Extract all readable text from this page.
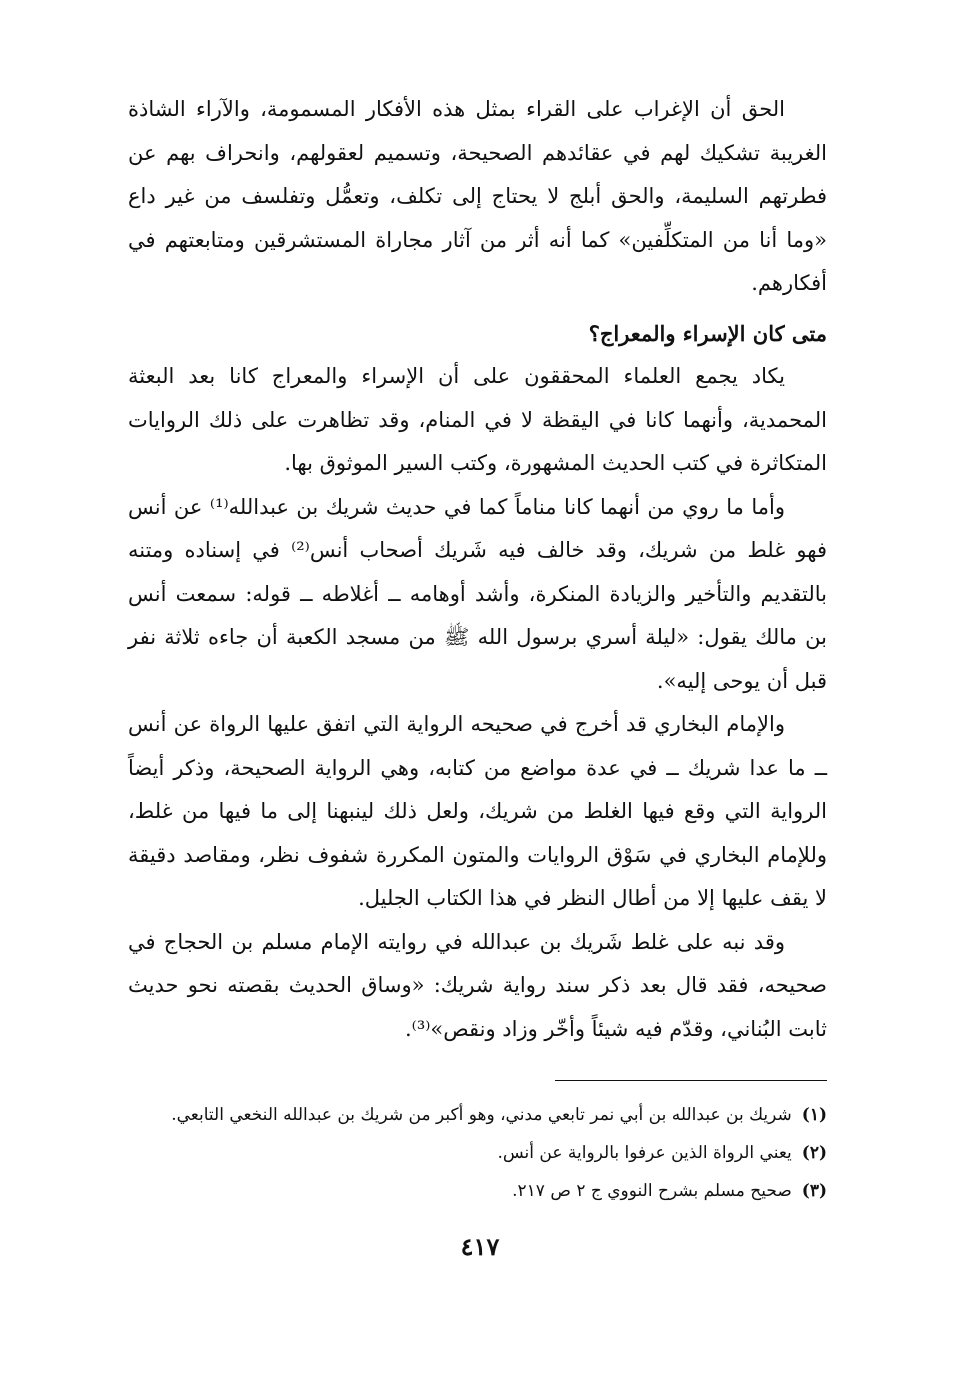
الحق أن الإغراب على القراء بمثل هذه الأفكار المسمومة، والآراء الشاذة الغريبة تشكيك لهم في عقائدهم الصحيحة، وتسميم لعقولهم، وانحراف بهم عن فطرتهم السليمة، والحق أبلج لا يحتاج إلى تكلف، وتعمُّل وتفلسف من غير داع «وما أنا من المتكلِّفين» كما أنه أثر من آثار مجاراة المستشرقين ومتابعتهم في أفكارهم.

متى كان الإسراء والمعراج؟

يكاد يجمع العلماء المحققون على أن الإسراء والمعراج كانا بعد البعثة المحمدية، وأنهما كانا في اليقظة لا في المنام، وقد تظاهرت على ذلك الروايات المتكاثرة في كتب الحديث المشهورة، وكتب السير الموثوق بها.

وأما ما روي من أنهما كانا مناماً كما في حديث شريك بن عبدالله⁽¹⁾ عن أنس فهو غلط من شريك، وقد خالف فيه شَريك أصحاب أنس⁽²⁾ في إسناده ومتنه بالتقديم والتأخير والزيادة المنكرة، وأشد أوهامه ــ أغلاطه ــ قوله: سمعت أنس بن مالك يقول: «ليلة أسري برسول الله ﷺ من مسجد الكعبة أن جاءه ثلاثة نفر قبل أن يوحى إليه».

والإمام البخاري قد أخرج في صحيحه الرواية التي اتفق عليها الرواة عن أنس ــ ما عدا شريك ــ في عدة مواضع من كتابه، وهي الرواية الصحيحة، وذكر أيضاً الرواية التي وقع فيها الغلط من شريك، ولعل ذلك لينبهنا إلى ما فيها من غلط، وللإمام البخاري في سَوْق الروايات والمتون المكررة شفوف نظر، ومقاصد دقيقة لا يقف عليها إلا من أطال النظر في هذا الكتاب الجليل.

وقد نبه على غلط شَريك بن عبدالله في روايته الإمام مسلم بن الحجاج في صحيحه، فقد قال بعد ذكر سند رواية شريك: «وساق الحديث بقصته نحو حديث ثابت البُناني، وقدّم فيه شيئاً وأخّر وزاد ونقص»⁽³⁾.

(١)شريك بن عبدالله بن أبي نمر تابعي مدني، وهو أكبر من شريك بن عبدالله النخعي التابعي.
(٢)يعني الرواة الذين عرفوا بالرواية عن أنس.
(٣)صحيح مسلم بشرح النووي ج ٢ ص ٢١٧.
٤١٧
